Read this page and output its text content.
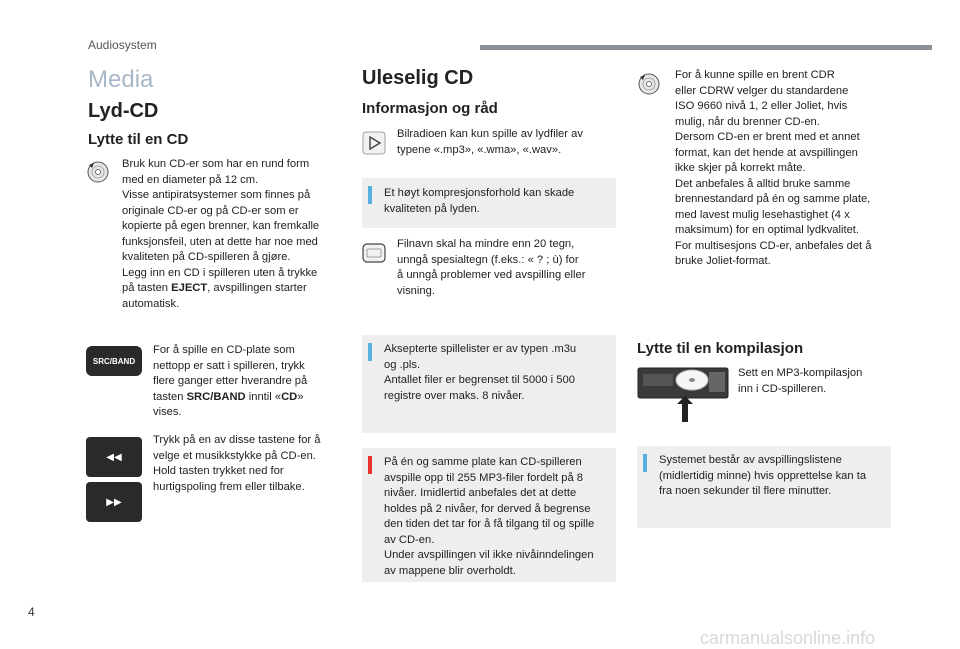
Audiosystem
Media
Lyd-CD
Lytte til en CD
Bruk kun CD-er som har en rund form
med en diameter på 12 cm.
Visse antipiratsystemer som finnes på
originale CD-er og på CD-er som er
kopierte på egen brenner, kan fremkalle
funksjonsfeil, uten at dette har noe med
kvaliteten på CD-spilleren å gjøre.
Legg inn en CD i spilleren uten å trykke
på tasten EJECT, avspillingen starter
automatisk.
SRC/BAND
For å spille en CD-plate som
nettopp er satt i spilleren, trykk
flere ganger etter hverandre på
tasten SRC/BAND inntil «CD»
vises.
◀◀
▶▶
Trykk på en av disse tastene for å
velge et musikkstykke på CD-en.
Hold tasten trykket ned for
hurtigspoling frem eller tilbake.
Uleselig CD
Informasjon og råd
Bilradioen kan kun spille av lydfiler av
typene «.mp3», «.wma», «.wav».
Et høyt kompresjonsforhold kan skade
kvaliteten på lyden.
Filnavn skal ha mindre enn 20 tegn,
unngå spesialtegn (f.eks.: « ? ; ù) for
å unngå problemer ved avspilling eller
visning.
Aksepterte spillelister er av typen .m3u
og .pls.
Antallet filer er begrenset til 5000 i 500
registre over maks. 8 nivåer.
På én og samme plate kan CD-spilleren
avspille opp til 255 MP3-filer fordelt på 8
nivåer. Imidlertid anbefales det at dette
holdes på 2 nivåer, for derved å begrense
den tiden det tar for å få tilgang til og spille
av CD-en.
Under avspillingen vil ikke nivåinndelingen
av mappene blir overholdt.
For å kunne spille en brent CDR
eller CDRW velger du standardene
ISO 9660 nivå 1, 2 eller Joliet, hvis
mulig, når du brenner CD-en.
Dersom CD-en er brent med et annet
format, kan det hende at avspillingen
ikke skjer på korrekt måte.
Det anbefales å alltid bruke samme
brennestandard på én og samme plate,
med lavest mulig lesehastighet (4 x
maksimum) for en optimal lydkvalitet.
For multisesjons CD-er, anbefales det å
bruke Joliet-format.
Lytte til en kompilasjon
Sett en MP3-kompilasjon
inn i CD-spilleren.
Systemet består av avspillingslistene
(midlertidig minne) hvis opprettelse kan ta
fra noen sekunder til flere minutter.
4
carmanualsonline.info
